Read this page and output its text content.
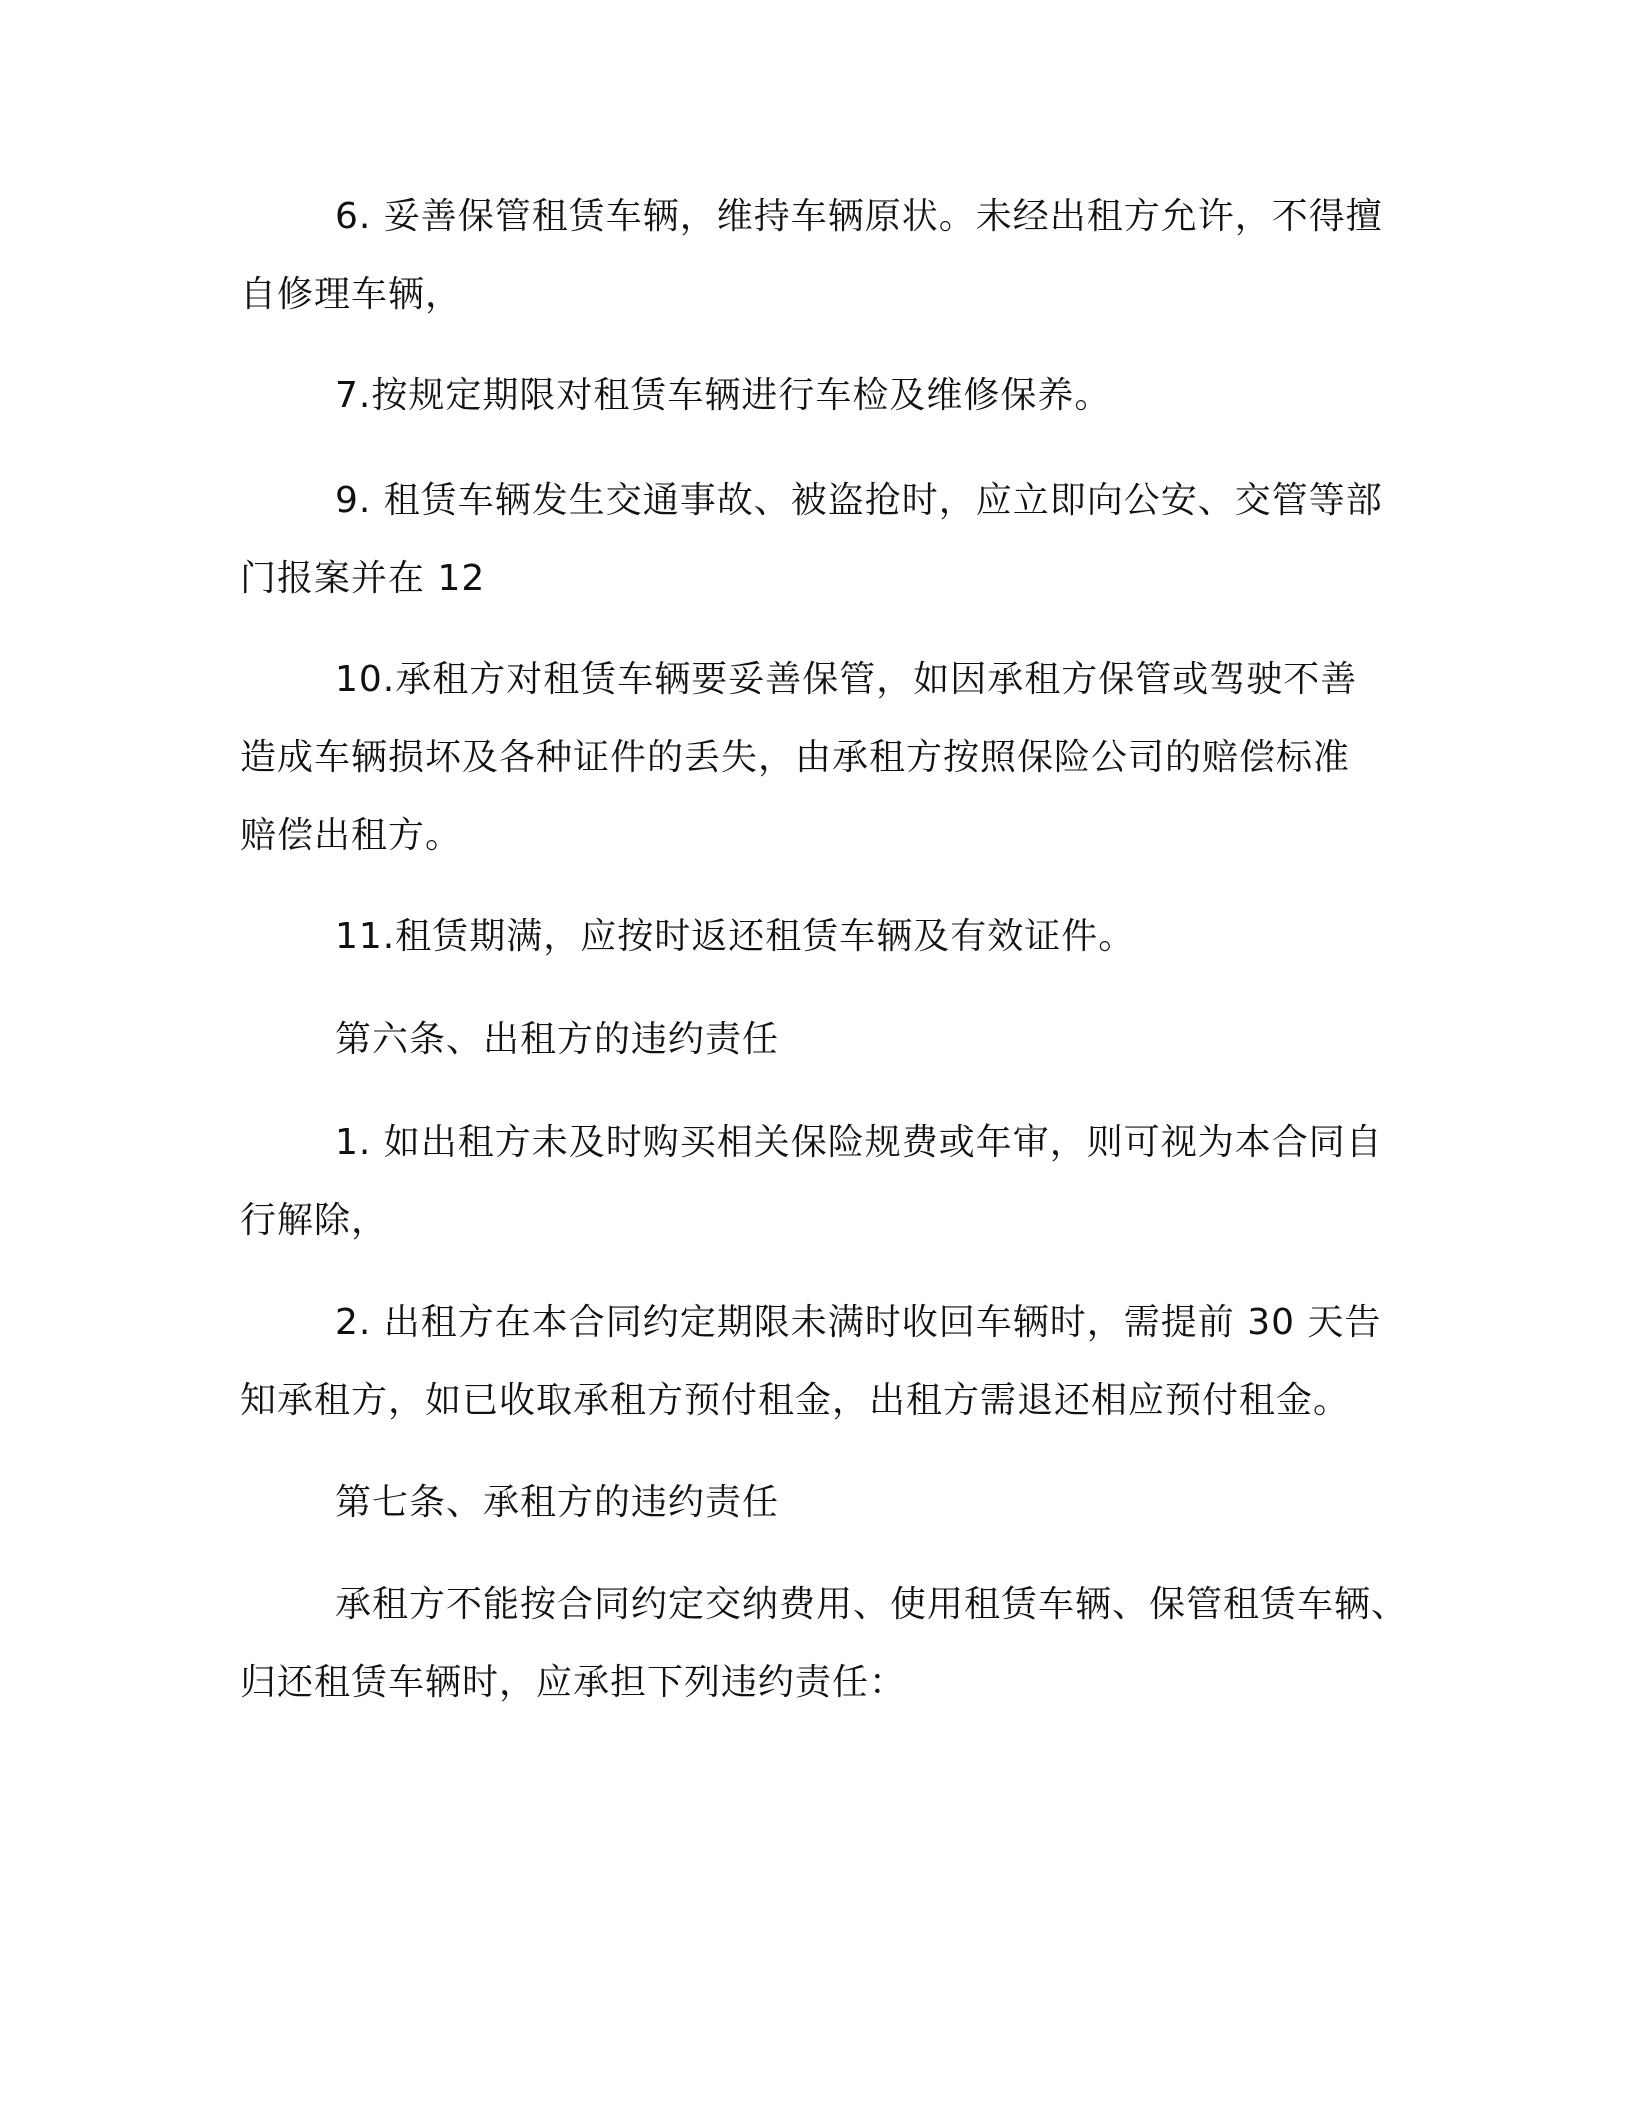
6. 妥善保管租赁车辆，维持车辆原状。未经出租方允许，不得擅
自修理车辆，
7.按规定期限对租赁车辆进行车检及维修保养。
9. 租赁车辆发生交通事故、被盗抢时，应立即向公安、交管等部
门报案并在 12
10.承租方对租赁车辆要妥善保管，如因承租方保管或驾驶不善
造成车辆损坏及各种证件的丢失，由承租方按照保险公司的赔偿标准
赔偿出租方。
11.租赁期满，应按时返还租赁车辆及有效证件。
第六条、出租方的违约责任
1. 如出租方未及时购买相关保险规费或年审，则可视为本合同自
行解除，
2. 出租方在本合同约定期限未满时收回车辆时，需提前 30 天告
知承租方，如已收取承租方预付租金，出租方需退还相应预付租金。
第七条、承租方的违约责任
承租方不能按合同约定交纳费用、使用租赁车辆、保管租赁车辆、
归还租赁车辆时，应承担下列违约责任：
